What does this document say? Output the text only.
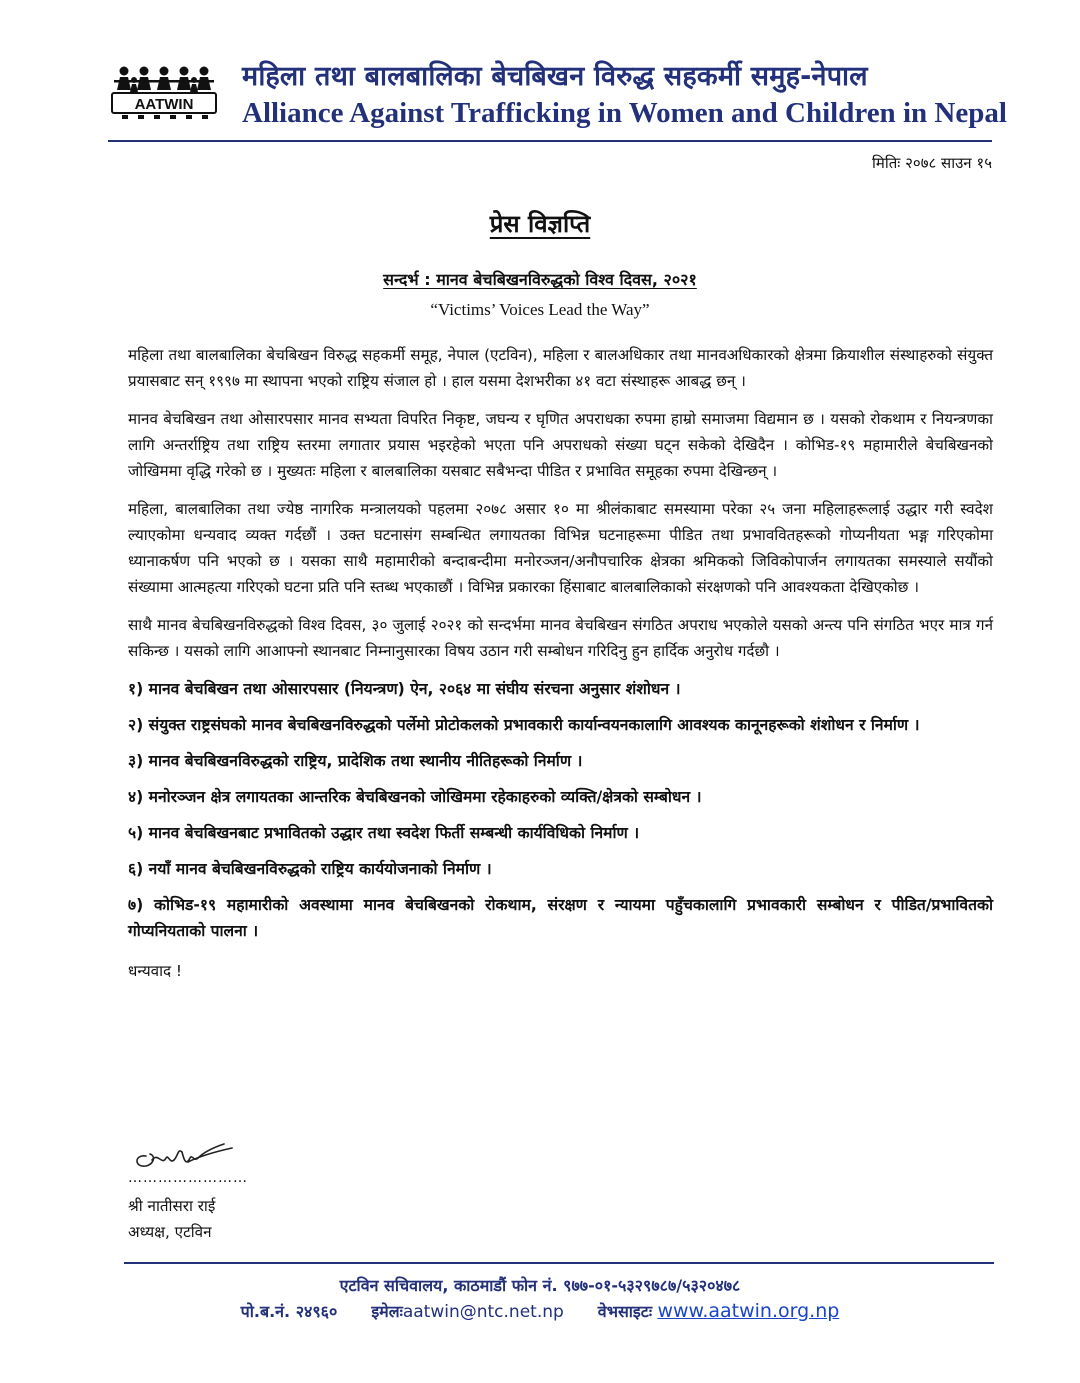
AATWIN
महिला तथा बालबालिका बेचबिखन विरुद्ध सहकर्मी समुह-नेपाल
Alliance Against Trafficking in Women and Children in Nepal
मितिः २०७८ साउन १५
प्रेस विज्ञप्ति
सन्दर्भ : मानव बेचबिखनविरुद्धको विश्व दिवस, २०२१
“Victims’ Voices Lead the Way”

महिला तथा बालबालिका बेचबिखन विरुद्ध सहकर्मी समूह, नेपाल (एटविन), महिला र बालअधिकार तथा मानवअधिकारको क्षेत्रमा क्रियाशील संस्थाहरुको संयुक्त प्रयासबाट सन् १९९७ मा स्थापना भएको राष्ट्रिय संजाल हो । हाल यसमा देशभरीका ४१ वटा संस्थाहरू आबद्ध छन् ।

मानव बेचबिखन तथा ओसारपसार मानव सभ्यता विपरित निकृष्ट, जघन्य र घृणित अपराधका रुपमा हाम्रो समाजमा विद्यमान छ । यसको रोकथाम र नियन्त्रणका लागि अन्तर्राष्ट्रिय तथा राष्ट्रिय स्तरमा लगातार प्रयास भइरहेको भएता पनि अपराधको संख्या घट्न सकेको देखिदैन । कोभिड-१९ महामारीले बेचबिखनको जोखिममा वृद्धि गरेको छ । मुख्यतः महिला र बालबालिका यसबाट सबैभन्दा पीडित र प्रभावित समूहका रुपमा देखिन्छन् ।

महिला, बालबालिका तथा ज्येष्ठ नागरिक मन्त्रालयको पहलमा २०७८ असार १० मा श्रीलंकाबाट समस्यामा परेका २५ जना महिलाहरूलाई उद्धार गरी स्वदेश ल्याएकोमा धन्यवाद व्यक्त गर्दछौं । उक्त घटनासंग सम्बन्धित लगायतका विभिन्न घटनाहरूमा पीडित तथा प्रभाववितहरूको गोप्यनीयता भङ्ग गरिएकोमा ध्यानाकर्षण पनि भएको छ । यसका साथै महामारीको बन्दाबन्दीमा मनोरञ्जन/अनौपचारिक क्षेत्रका श्रमिकको जिविकोपार्जन लगायतका समस्याले सयौंको संख्यामा आत्महत्या गरिएको घटना प्रति पनि स्तब्ध भएकाछौं । विभिन्न प्रकारका हिंसाबाट बालबालिकाको संरक्षणको पनि आवश्यकता देखिएकोछ ।

साथै मानव बेचबिखनविरुद्धको विश्व दिवस, ३० जुलाई २०२१ को सन्दर्भमा मानव बेचबिखन संगठित अपराध भएकोले यसको अन्त्य पनि संगठित भएर मात्र गर्न सकिन्छ । यसको लागि आआफ्नो स्थानबाट निम्नानुसारका विषय उठान गरी सम्बोधन गरिदिनु हुन हार्दिक अनुरोध गर्दछौ ।

१) मानव बेचबिखन तथा ओसारपसार (नियन्त्रण) ऐन, २०६४ मा संघीय संरचना अनुसार शंशोधन ।

२) संयुक्त राष्ट्रसंघको मानव बेचबिखनविरुद्धको पर्लेमो प्रोटोकलको प्रभावकारी कार्यान्वयनकालागि आवश्यक कानूनहरूको शंशोधन र निर्माण ।

३) मानव बेचबिखनविरुद्धको राष्ट्रिय, प्रादेशिक तथा स्थानीय नीतिहरूको निर्माण ।

४) मनोरञ्जन क्षेत्र लगायतका आन्तरिक बेचबिखनको जोखिममा रहेकाहरुको व्यक्ति/क्षेत्रको सम्बोधन ।

५) मानव बेचबिखनबाट प्रभावितको उद्धार तथा स्वदेश फिर्ती सम्बन्धी कार्यविधिको निर्माण ।

६) नयाँ मानव बेचबिखनविरुद्धको राष्ट्रिय कार्ययोजनाको निर्माण ।

७) कोभिड-१९ महामारीको अवस्थामा मानव बेचबिखनको रोकथाम, संरक्षण र न्यायमा पहुँचकालागि प्रभावकारी सम्बोधन र पीडित/प्रभावितको गोप्यनियताको पालना ।

धन्यवाद !

……………………
श्री नातीसरा राई
अध्यक्ष, एटविन
एटविन सचिवालय, काठमाडौं फोन नं. ९७७-०१-५३२९७८७/५३२०४७८
पो.ब.नं. २४९६० इमेलःaatwin@ntc.net.np वेभसाइटः www.aatwin.org.np
